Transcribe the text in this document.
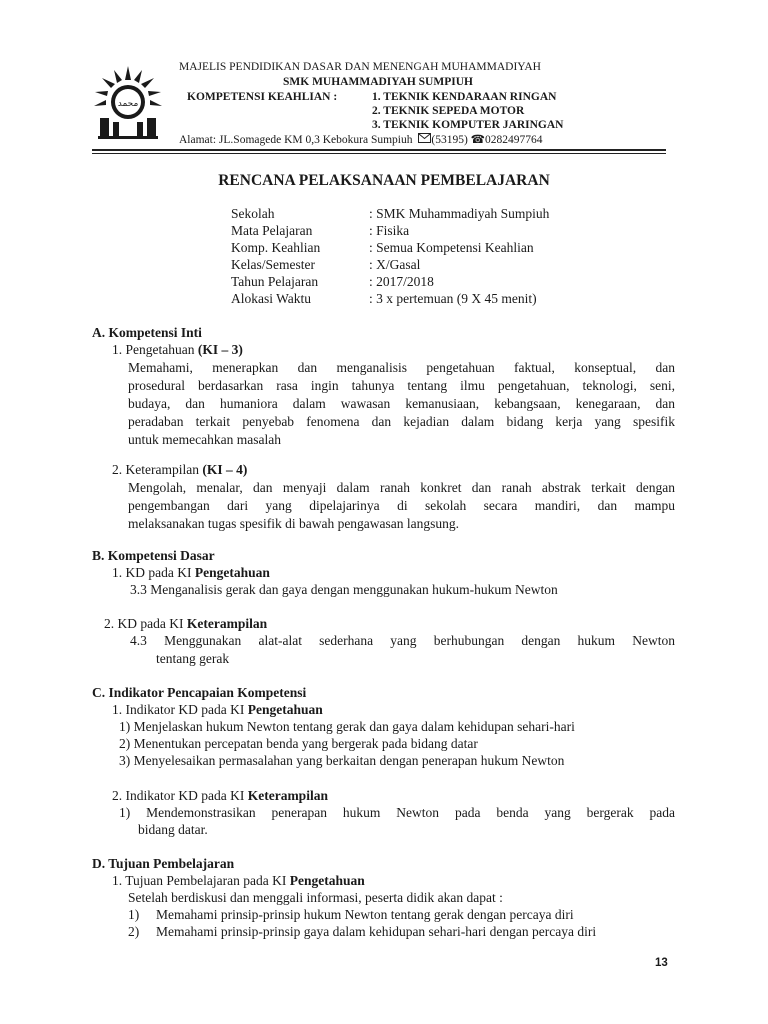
محمد
MAJELIS PENDIDIKAN DASAR DAN MENENGAH MUHAMMADIYAH
SMK MUHAMMADIYAH SUMPIUH
KOMPETENSI KEAHLIAN :	1. TEKNIK KENDARAAN RINGAN
2. TEKNIK SEPEDA MOTOR
3. TEKNIK KOMPUTER JARINGAN
Alamat: JL.Somagede KM 0,3 Kebokura Sumpiuh (53195) ☎0282497764
RENCANA PELAKSANAAN PEMBELAJARAN
Sekolah	: SMK Muhammadiyah Sumpiuh
Mata Pelajaran	: Fisika
Komp. Keahlian	: Semua Kompetensi Keahlian
Kelas/Semester	: X/Gasal
Tahun Pelajaran	: 2017/2018
Alokasi Waktu	: 3 x pertemuan (9 X 45 menit)
A. Kompetensi Inti
1. Pengetahuan (KI – 3)
Memahami, menerapkan dan menganalisis pengetahuan faktual, konseptual, dan
prosedural berdasarkan rasa ingin tahunya tentang ilmu pengetahuan, teknologi, seni,
budaya, dan humaniora dalam wawasan kemanusiaan, kebangsaan, kenegaraan, dan
peradaban terkait penyebab fenomena dan kejadian dalam bidang kerja yang spesifik
untuk memecahkan masalah
2. Keterampilan (KI – 4)
Mengolah, menalar, dan menyaji dalam ranah konkret dan ranah abstrak terkait dengan
pengembangan dari yang dipelajarinya di sekolah secara mandiri, dan mampu
melaksanakan tugas spesifik di bawah pengawasan langsung.
B. Kompetensi Dasar
1. KD pada KI Pengetahuan
3.3 Menganalisis gerak dan gaya dengan menggunakan hukum-hukum Newton
2. KD pada KI Keterampilan
4.3 Menggunakan alat-alat sederhana yang berhubungan dengan hukum Newton
tentang gerak
C. Indikator Pencapaian Kompetensi
1. Indikator KD pada KI Pengetahuan
1) Menjelaskan hukum Newton tentang gerak dan gaya dalam kehidupan sehari-hari
2) Menentukan percepatan benda yang bergerak pada bidang datar
3) Menyelesaikan permasalahan yang berkaitan dengan penerapan hukum Newton
2. Indikator KD pada KI Keterampilan
1) Mendemonstrasikan penerapan hukum Newton pada benda yang bergerak pada
bidang datar.
D. Tujuan Pembelajaran
1. Tujuan Pembelajaran pada KI Pengetahuan
Setelah berdiskusi dan menggali informasi, peserta didik akan dapat :
1) Memahami prinsip-prinsip hukum Newton tentang gerak dengan percaya diri
2) Memahami prinsip-prinsip gaya dalam kehidupan sehari-hari dengan percaya diri
13
